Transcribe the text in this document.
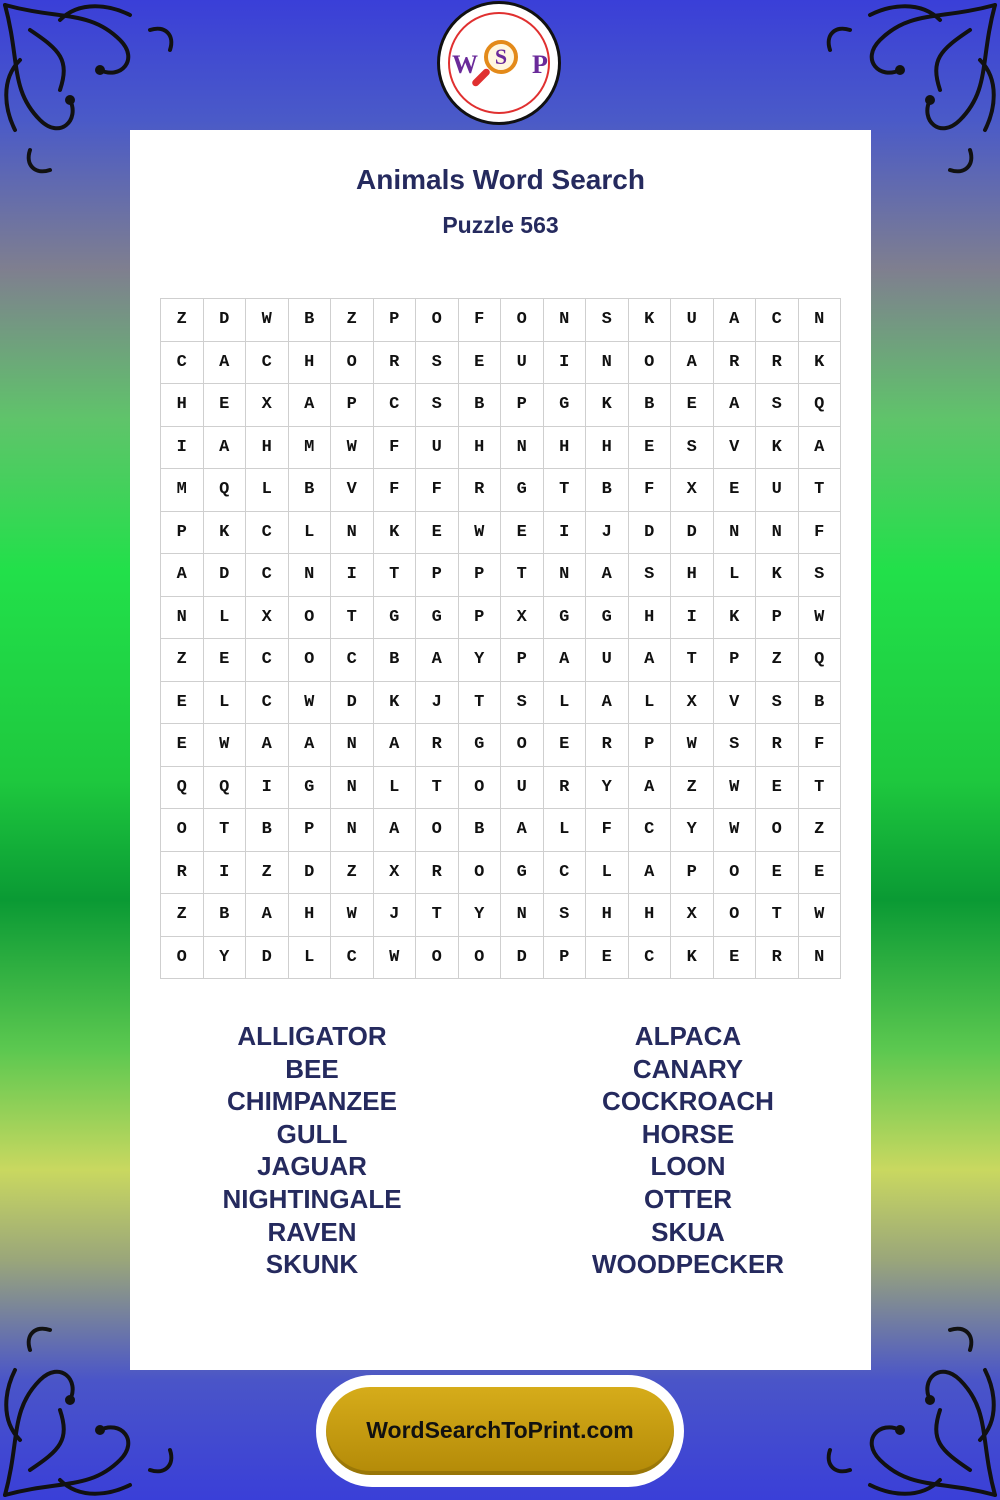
W S P
Animals Word Search
Puzzle 563
Z	D	W	B	Z	P	O	F	O	N	S	K	U	A	C	N
C	A	C	H	O	R	S	E	U	I	N	O	A	R	R	K
H	E	X	A	P	C	S	B	P	G	K	B	E	A	S	Q
I	A	H	M	W	F	U	H	N	H	H	E	S	V	K	A
M	Q	L	B	V	F	F	R	G	T	B	F	X	E	U	T
P	K	C	L	N	K	E	W	E	I	J	D	D	N	N	F
A	D	C	N	I	T	P	P	T	N	A	S	H	L	K	S
N	L	X	O	T	G	G	P	X	G	G	H	I	K	P	W
Z	E	C	O	C	B	A	Y	P	A	U	A	T	P	Z	Q
E	L	C	W	D	K	J	T	S	L	A	L	X	V	S	B
E	W	A	A	N	A	R	G	O	E	R	P	W	S	R	F
Q	Q	I	G	N	L	T	O	U	R	Y	A	Z	W	E	T
O	T	B	P	N	A	O	B	A	L	F	C	Y	W	O	Z
R	I	Z	D	Z	X	R	O	G	C	L	A	P	O	E	E
Z	B	A	H	W	J	T	Y	N	S	H	H	X	O	T	W
O	Y	D	L	C	W	O	O	D	P	E	C	K	E	R	N
ALLIGATOR
BEE
CHIMPANZEE
GULL
JAGUAR
NIGHTINGALE
RAVEN
SKUNK
ALPACA
CANARY
COCKROACH
HORSE
LOON
OTTER
SKUA
WOODPECKER
WordSearchToPrint.com
